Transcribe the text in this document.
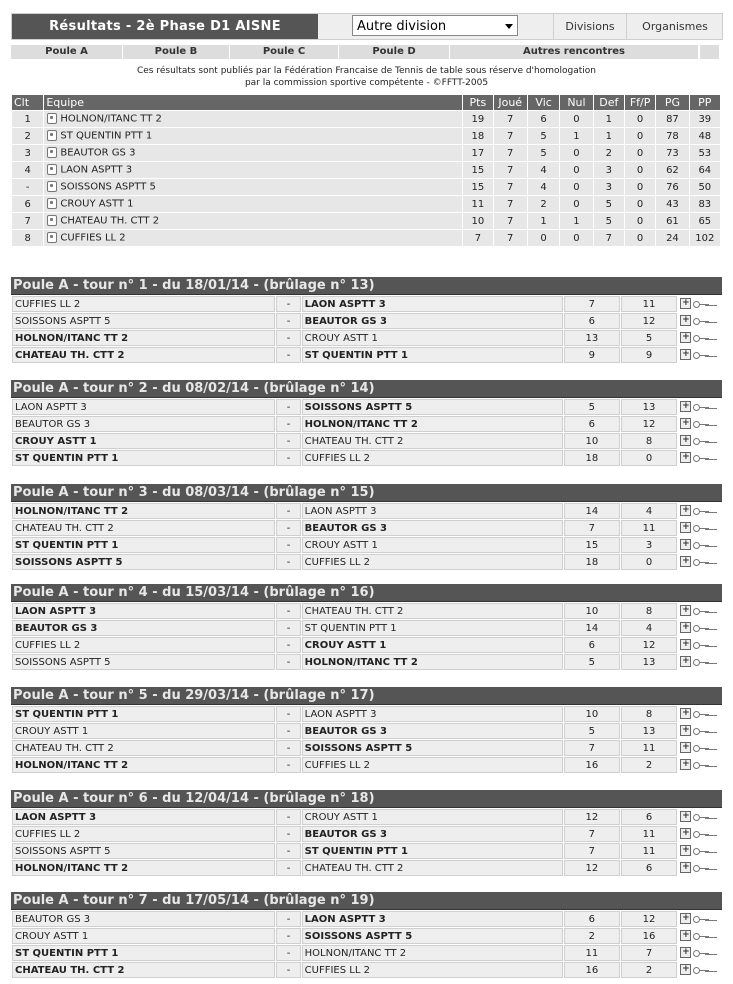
Résultats - 2è Phase D1 AISNE	Autre division	Divisions	Organismes
Poule A	Poule B	Poule C	Poule D	Autres rencontres
Ces résultats sont publiés par la Fédération Francaise de Tennis de table sous réserve d'homologation
par la commission sportive compétente - ©FFTT-2005
Clt	Equipe	Pts	Joué	Vic	Nul	Def	Ff/P	PG	PP
1	HOLNON/ITANC TT 2	19	7	6	0	1	0	87	39
2	ST QUENTIN PTT 1	18	7	5	1	1	0	78	48
3	BEAUTOR GS 3	17	7	5	0	2	0	73	53
4	LAON ASPTT 3	15	7	4	0	3	0	62	64
-	SOISSONS ASPTT 5	15	7	4	0	3	0	76	50
6	CROUY ASTT 1	11	7	2	0	5	0	43	83
7	CHATEAU TH. CTT 2	10	7	1	1	5	0	61	65
8	CUFFIES LL 2	7	7	0	0	7	0	24	102
Poule A - tour n° 1 - du 18/01/14 - (brûlage n° 13)
CUFFIES LL 2	-	LAON ASPTT 3	7	11	+
SOISSONS ASPTT 5	-	BEAUTOR GS 3	6	12	+
HOLNON/ITANC TT 2	-	CROUY ASTT 1	13	5	+
CHATEAU TH. CTT 2	-	ST QUENTIN PTT 1	9	9	+
Poule A - tour n° 2 - du 08/02/14 - (brûlage n° 14)
LAON ASPTT 3	-	SOISSONS ASPTT 5	5	13	+
BEAUTOR GS 3	-	HOLNON/ITANC TT 2	6	12	+
CROUY ASTT 1	-	CHATEAU TH. CTT 2	10	8	+
ST QUENTIN PTT 1	-	CUFFIES LL 2	18	0	+
Poule A - tour n° 3 - du 08/03/14 - (brûlage n° 15)
HOLNON/ITANC TT 2	-	LAON ASPTT 3	14	4	+
CHATEAU TH. CTT 2	-	BEAUTOR GS 3	7	11	+
ST QUENTIN PTT 1	-	CROUY ASTT 1	15	3	+
SOISSONS ASPTT 5	-	CUFFIES LL 2	18	0	+
Poule A - tour n° 4 - du 15/03/14 - (brûlage n° 16)
LAON ASPTT 3	-	CHATEAU TH. CTT 2	10	8	+
BEAUTOR GS 3	-	ST QUENTIN PTT 1	14	4	+
CUFFIES LL 2	-	CROUY ASTT 1	6	12	+
SOISSONS ASPTT 5	-	HOLNON/ITANC TT 2	5	13	+
Poule A - tour n° 5 - du 29/03/14 - (brûlage n° 17)
ST QUENTIN PTT 1	-	LAON ASPTT 3	10	8	+
CROUY ASTT 1	-	BEAUTOR GS 3	5	13	+
CHATEAU TH. CTT 2	-	SOISSONS ASPTT 5	7	11	+
HOLNON/ITANC TT 2	-	CUFFIES LL 2	16	2	+
Poule A - tour n° 6 - du 12/04/14 - (brûlage n° 18)
LAON ASPTT 3	-	CROUY ASTT 1	12	6	+
CUFFIES LL 2	-	BEAUTOR GS 3	7	11	+
SOISSONS ASPTT 5	-	ST QUENTIN PTT 1	7	11	+
HOLNON/ITANC TT 2	-	CHATEAU TH. CTT 2	12	6	+
Poule A - tour n° 7 - du 17/05/14 - (brûlage n° 19)
BEAUTOR GS 3	-	LAON ASPTT 3	6	12	+
CROUY ASTT 1	-	SOISSONS ASPTT 5	2	16	+
ST QUENTIN PTT 1	-	HOLNON/ITANC TT 2	11	7	+
CHATEAU TH. CTT 2	-	CUFFIES LL 2	16	2	+
